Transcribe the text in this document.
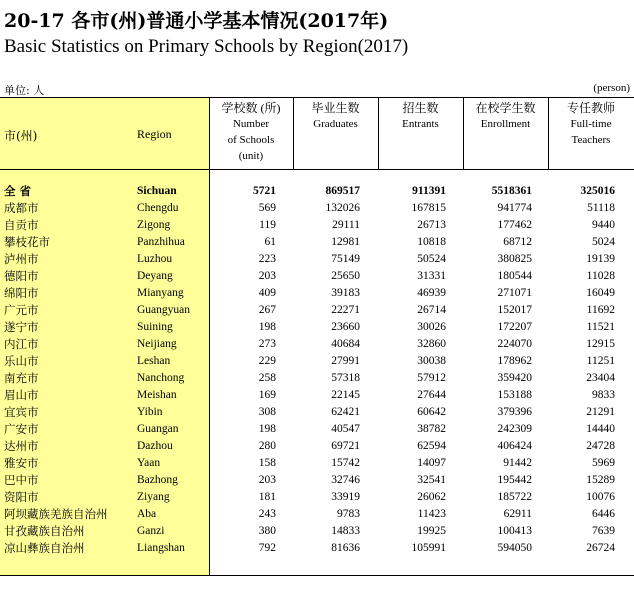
20-17 各市(州)普通小学基本情况(2017年)
Basic Statistics on Primary Schools by Region(2017)
单位: 人	(person)
市(州)	Region
学校数 (所)
Number
of Schools
(unit)
毕业生数
Graduates
招生数
Entrants
在校学生数
Enrollment
专任教师
Full-time
Teachers
全 省	Sichuan	5721	869517	911391	5518361	325016
成都市	Chengdu	569	132026	167815	941774	51118
自贡市	Zigong	119	29111	26713	177462	9440
攀枝花市	Panzhihua	61	12981	10818	68712	5024
泸州市	Luzhou	223	75149	50524	380825	19139
德阳市	Deyang	203	25650	31331	180544	11028
绵阳市	Mianyang	409	39183	46939	271071	16049
广元市	Guangyuan	267	22271	26714	152017	11692
遂宁市	Suining	198	23660	30026	172207	11521
内江市	Neijiang	273	40684	32860	224070	12915
乐山市	Leshan	229	27991	30038	178962	11251
南充市	Nanchong	258	57318	57912	359420	23404
眉山市	Meishan	169	22145	27644	153188	9833
宜宾市	Yibin	308	62421	60642	379396	21291
广安市	Guangan	198	40547	38782	242309	14440
达州市	Dazhou	280	69721	62594	406424	24728
雅安市	Yaan	158	15742	14097	91442	5969
巴中市	Bazhong	203	32746	32541	195442	15289
资阳市	Ziyang	181	33919	26062	185722	10076
阿坝藏族羌族自治州	Aba	243	9783	11423	62911	6446
甘孜藏族自治州	Ganzi	380	14833	19925	100413	7639
凉山彝族自治州	Liangshan	792	81636	105991	594050	26724
